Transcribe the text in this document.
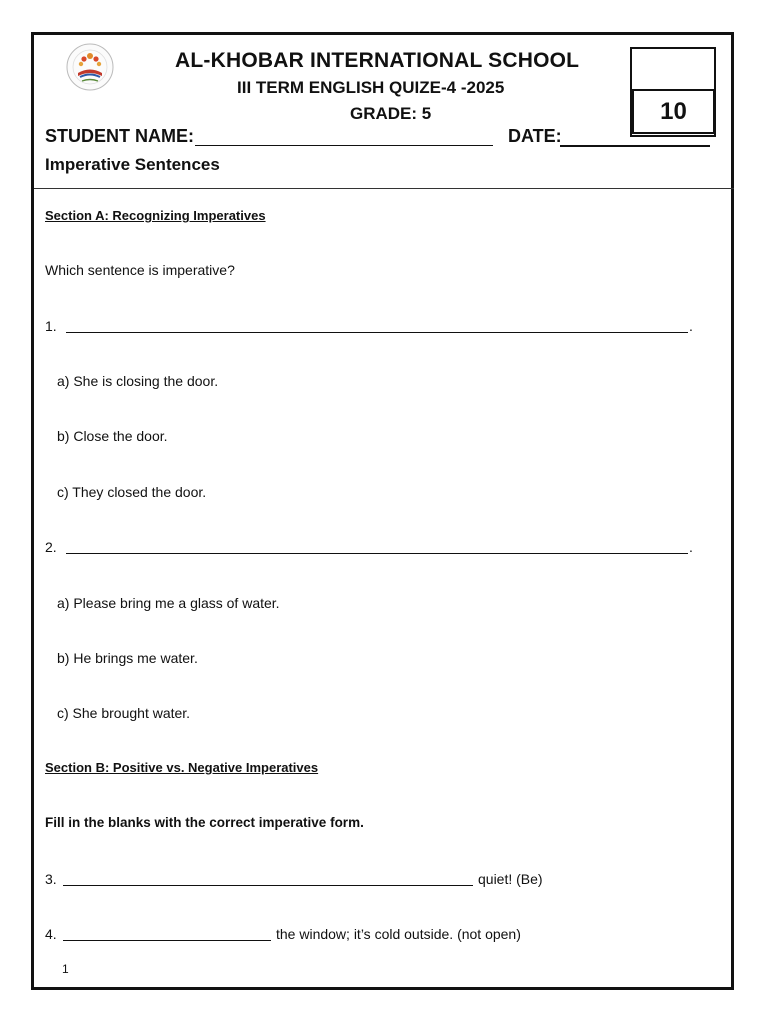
AL-KHOBAR INTERNATIONAL SCHOOL
III TERM ENGLISH QUIZE-4 -2025
GRADE: 5	10
STUDENT NAME:	DATE:
Imperative Sentences
Section A: Recognizing Imperatives
Which sentence is imperative?
1.	.
a) She is closing the door.
b) Close the door.
c) They closed the door.
2.	.
a) Please bring me a glass of water.
b) He brings me water.
c) She brought water.
Section B: Positive vs. Negative Imperatives
Fill in the blanks with the correct imperative form.
3.	quiet! (Be)
4.	the window; it’s cold outside. (not open)
1
